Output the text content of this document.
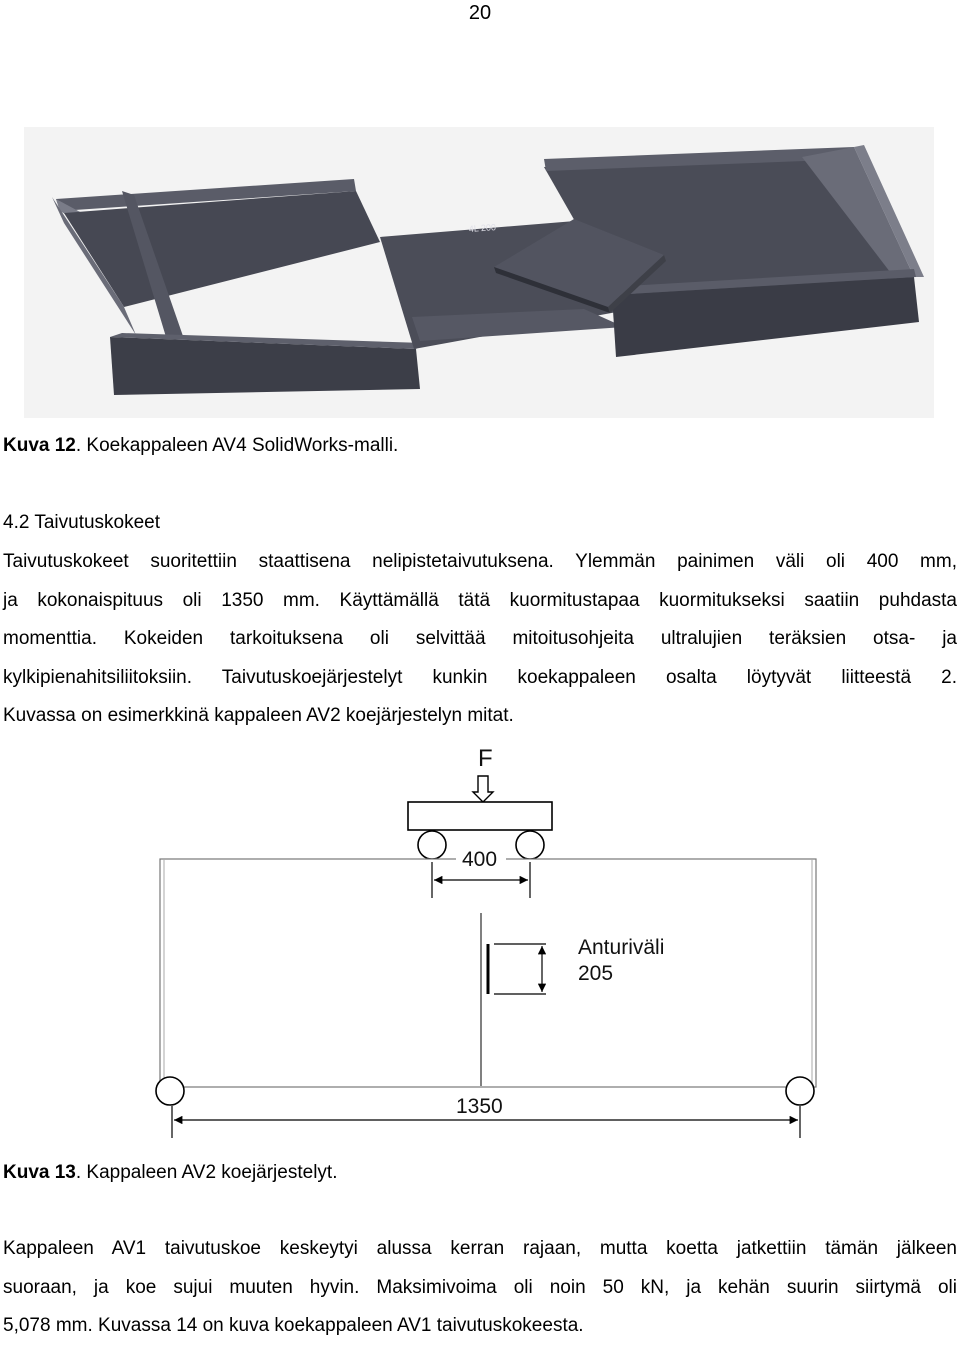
20
4L 200
Kuva 12. Koekappaleen AV4 SolidWorks-malli.
4.2 Taivutuskokeet
Taivutuskokeet suoritettiin staattisena nelipistetaivutuksena. Ylemmän painimen väli oli 400 mm,
ja kokonaispituus oli 1350 mm. Käyttämällä tätä kuormitustapaa kuormitukseksi saatiin puhdasta
momenttia. Kokeiden tarkoituksena oli selvittää mitoitusohjeita ultralujien teräksien otsa- ja
kylkipienahitsiliitoksiin. Taivutuskoejärjestelyt kunkin koekappaleen osalta löytyvät liitteestä 2.
Kuvassa on esimerkkinä kappaleen AV2 koejärjestelyn mitat.
F
400
Anturiväli
205
1350
Kuva 13. Kappaleen AV2 koejärjestelyt.
Kappaleen AV1 taivutuskoe keskeytyi alussa kerran rajaan, mutta koetta jatkettiin tämän jälkeen
suoraan, ja koe sujui muuten hyvin. Maksimivoima oli noin 50 kN, ja kehän suurin siirtymä oli
5,078 mm. Kuvassa 14 on kuva koekappaleen AV1 taivutuskokeesta.
